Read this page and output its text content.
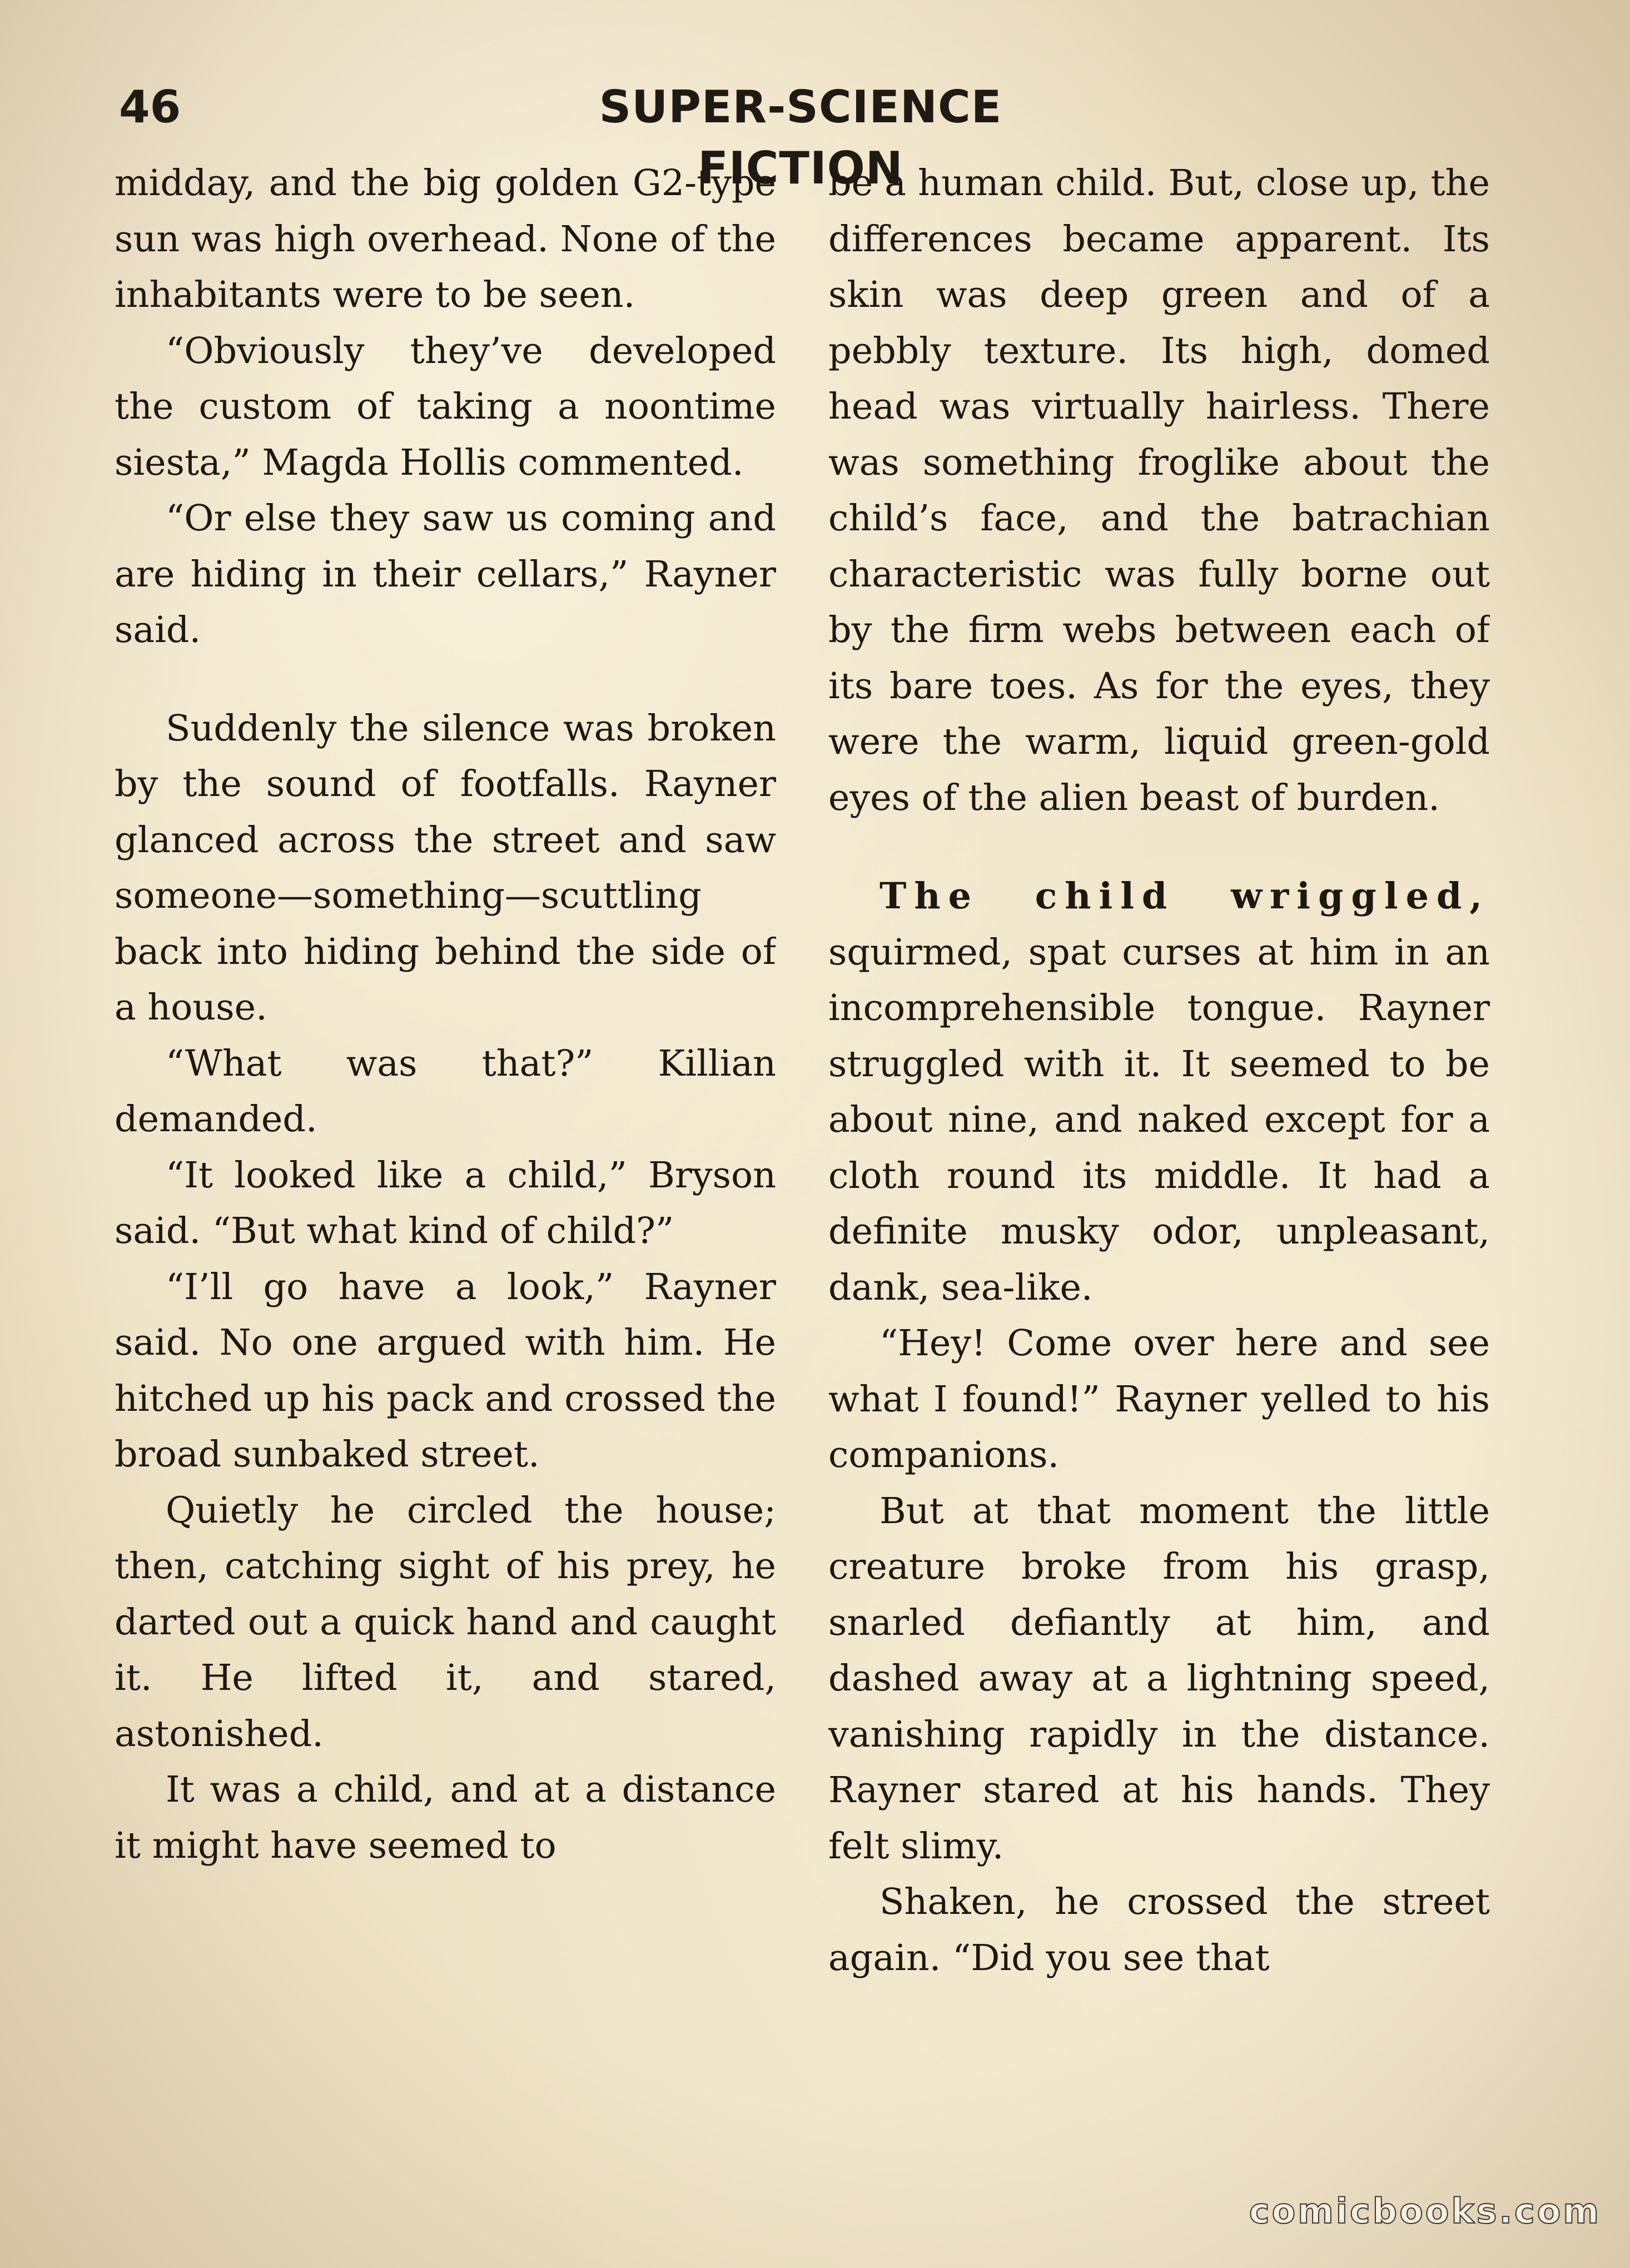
46	SUPER-SCIENCE FICTION

midday, and the big golden G2-type sun was high overhead. None of the inhabitants were to be seen.

“Obviously they’ve developed the custom of taking a noontime siesta,” Magda Hollis commented.

“Or else they saw us coming and are hiding in their cellars,” Rayner said.

Suddenly the silence was broken by the sound of footfalls. Rayner glanced across the street and saw someone—something—scuttling back into hiding behind the side of a house.

“What was that?” Killian demanded.

“It looked like a child,” Bryson said. “But what kind of child?”

“I’ll go have a look,” Rayner said. No one argued with him. He hitched up his pack and crossed the broad sunbaked street.

Quietly he circled the house; then, catching sight of his prey, he darted out a quick hand and caught it. He lifted it, and stared, astonished.

It was a child, and at a distance it might have seemed to

be a human child. But, close up, the differences became apparent. Its skin was deep green and of a pebbly texture. Its high, domed head was virtually hairless. There was something froglike about the child’s face, and the batrachian characteristic was fully borne out by the firm webs between each of its bare toes. As for the eyes, they were the warm, liquid green-gold eyes of the alien beast of burden.

The child wriggled, squirmed, spat curses at him in an incomprehensible tongue. Rayner struggled with it. It seemed to be about nine, and naked except for a cloth round its middle. It had a definite musky odor, unpleasant, dank, sea-like.

“Hey! Come over here and see what I found!” Rayner yelled to his companions.

But at that moment the little creature broke from his grasp, snarled defiantly at him, and dashed away at a lightning speed, vanishing rapidly in the distance. Rayner stared at his hands. They felt slimy.

Shaken, he crossed the street again. “Did you see that

comicbooks.com
